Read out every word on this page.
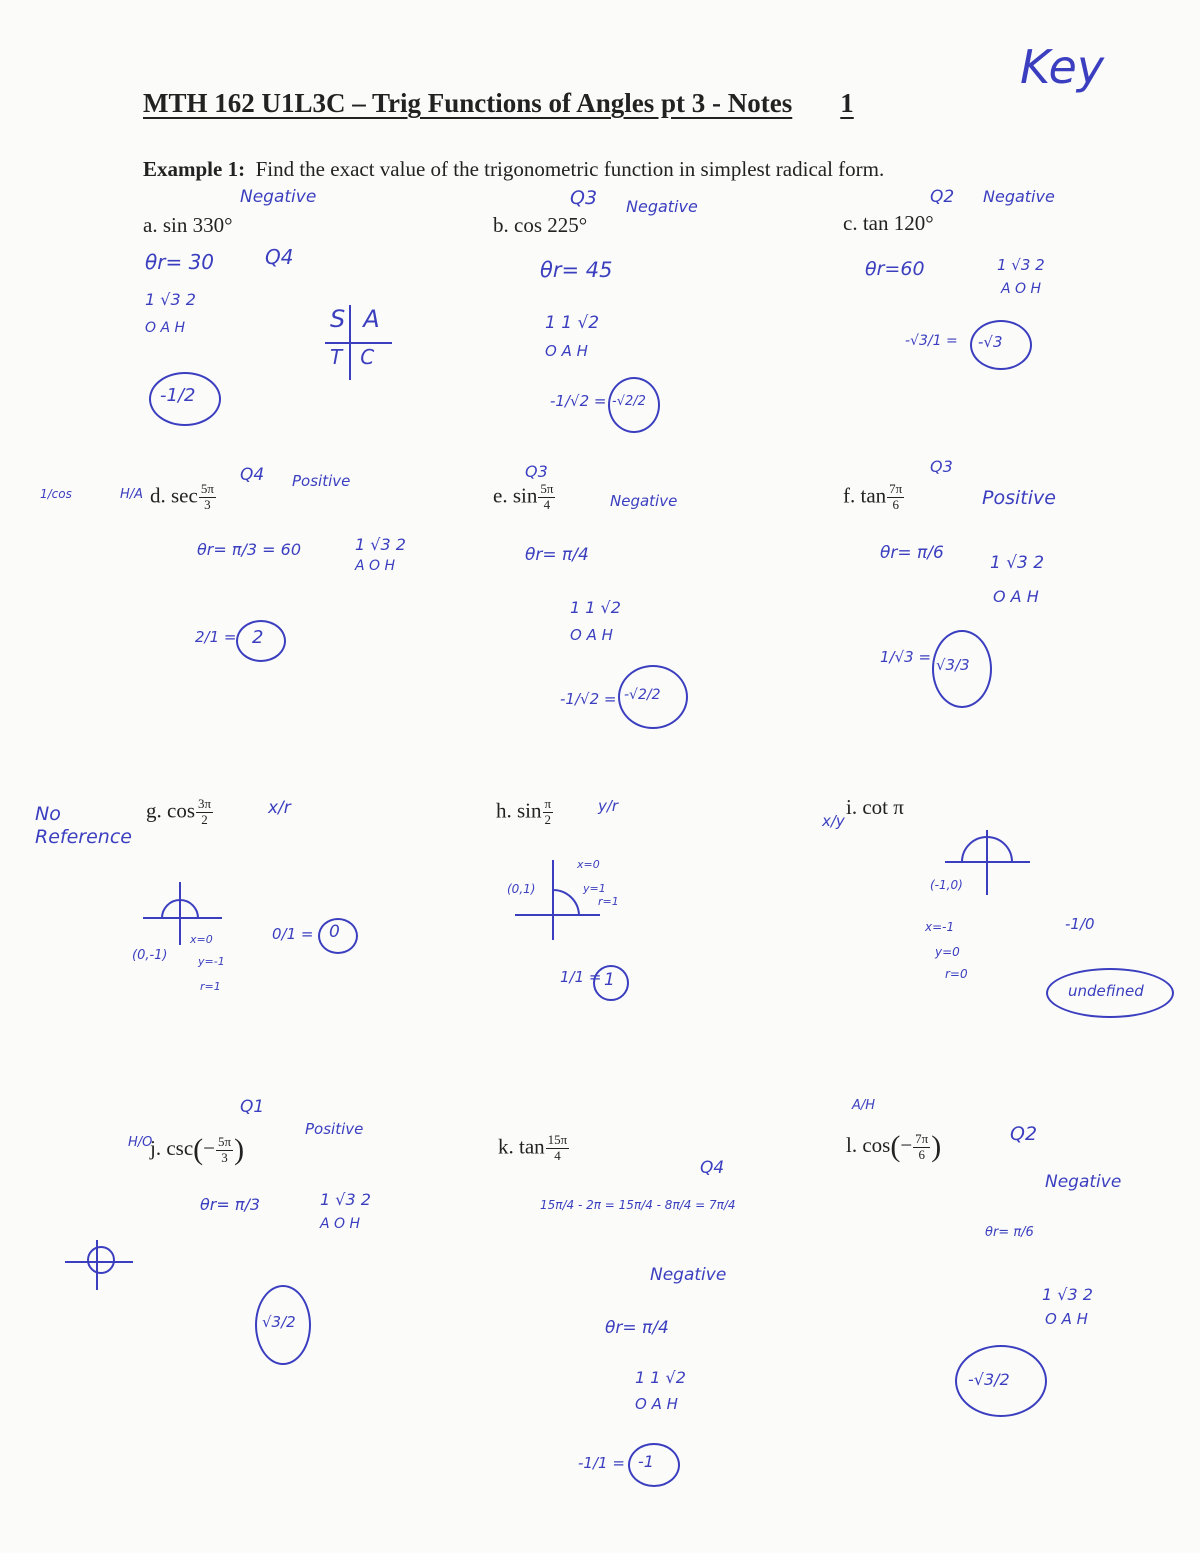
MTH 162 U1L3C – Trig Functions of Angles pt 3 - Notes 1
Key
Example 1: Find the exact value of the trigonometric function in simplest radical form.
a. sin 330°
Negative
Q4
θr= 30
1 √3 2
O A H
-1/2
SA
TC
b. cos 225°
Q3 Negative
θr= 45
1 1 √2
O A H
-1/√2 = -√2/2
c. tan 120°
Q2 Negative
θr=60	1 √3 2
A O H
-√3/1 = -√3
1/cos	H/A d. $\sec \frac{5\pi}{3}$
Q4 Positive
θr= π/3 = 60	1 √3 2
A O H
2/1 = 2
e. $\sin \frac{5\pi}{4}$
Q3
Negative
θr= π/4
1 1 √2
O A H
-1/√2 = -√2/2
f. $\tan \frac{7\pi}{6}$
Q3
Positive
θr= π/6	1 √3 2
O A H
1/√3 = √3/3
No Reference
g. $\cos \frac{3\pi}{2}$	x/r
(0,-1)
x=0
y=-1
r=1
0/1 = 0
h. $\sin \frac{\pi}{2}$	y/r
(0,1)
x=0
y=1
r=1
1/1 = 1
i. cot π
x/y
(-1,0)
x=-1
y=0
r=0
-1/0
undefined
H/O
j. $\csc(- \frac{5\pi}{3}$ )
Q1
Positive
θr= π/3	1 √3 2
A O H
√3/2
k. $\tan \frac{15\pi}{4}$
Q4
15π/4 - 2π = 15π/4 - 8π/4 = 7π/4
Negative
θr= π/4
1 1 √2
O A H
-1/1 = -1
A/H
l. $\cos(- \frac{7\pi}{6}$ )	Q2
Negative
θr= π/6
1 √3 2
O A H
-√3/2
